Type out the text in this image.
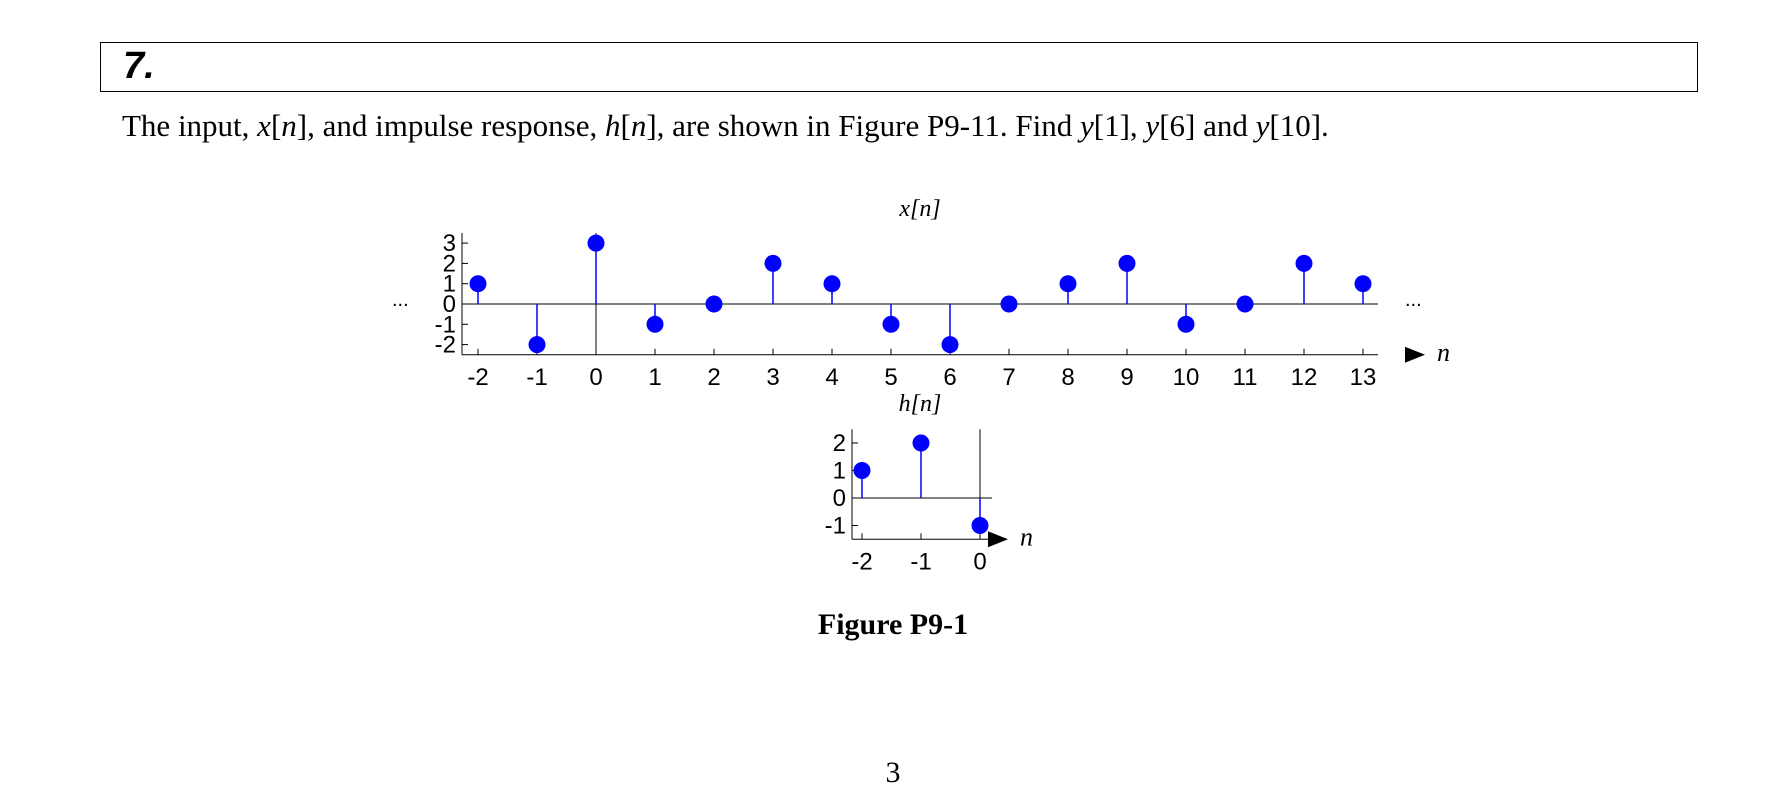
7.
The input, x[n], and impulse response, h[n], are shown in Figure P9-11. Find y[1], y[6] and y[10].
x[n]
-2
-1
0
1
2
3
-2 -1 0 1 2 3 4 5 6 7 8 9 10 11 12 13
n
...	...
h[n]
-1
0
1
2
-2 -1 0
n
Figure P9-1
3
